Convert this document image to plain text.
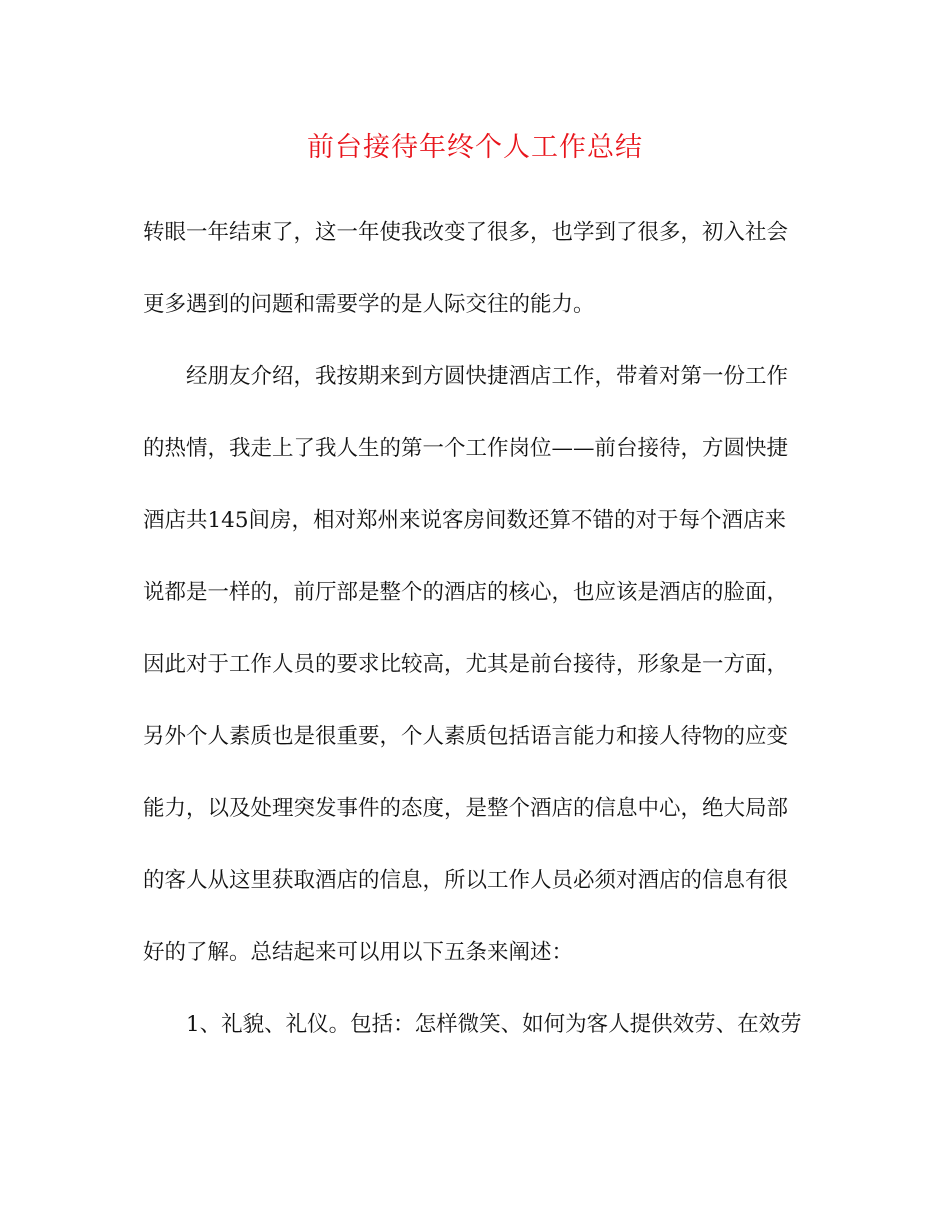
前台接待年终个人工作总结
转眼一年结束了，这一年使我改变了很多，也学到了很多，初入社会
更多遇到的问题和需要学的是人际交往的能力。
经朋友介绍，我按期来到方圆快捷酒店工作，带着对第一份工作
的热情，我走上了我人生的第一个工作岗位——前台接待，方圆快捷
酒店共145间房，相对郑州来说客房间数还算不错的对于每个酒店来
说都是一样的，前厅部是整个的酒店的核心，也应该是酒店的脸面，
因此对于工作人员的要求比较高，尤其是前台接待，形象是一方面，
另外个人素质也是很重要，个人素质包括语言能力和接人待物的应变
能力，以及处理突发事件的态度，是整个酒店的信息中心，绝大局部
的客人从这里获取酒店的信息，所以工作人员必须对酒店的信息有很
好的了解。总结起来可以用以下五条来阐述：
1、礼貌、礼仪。包括：怎样微笑、如何为客人提供效劳、在效劳
